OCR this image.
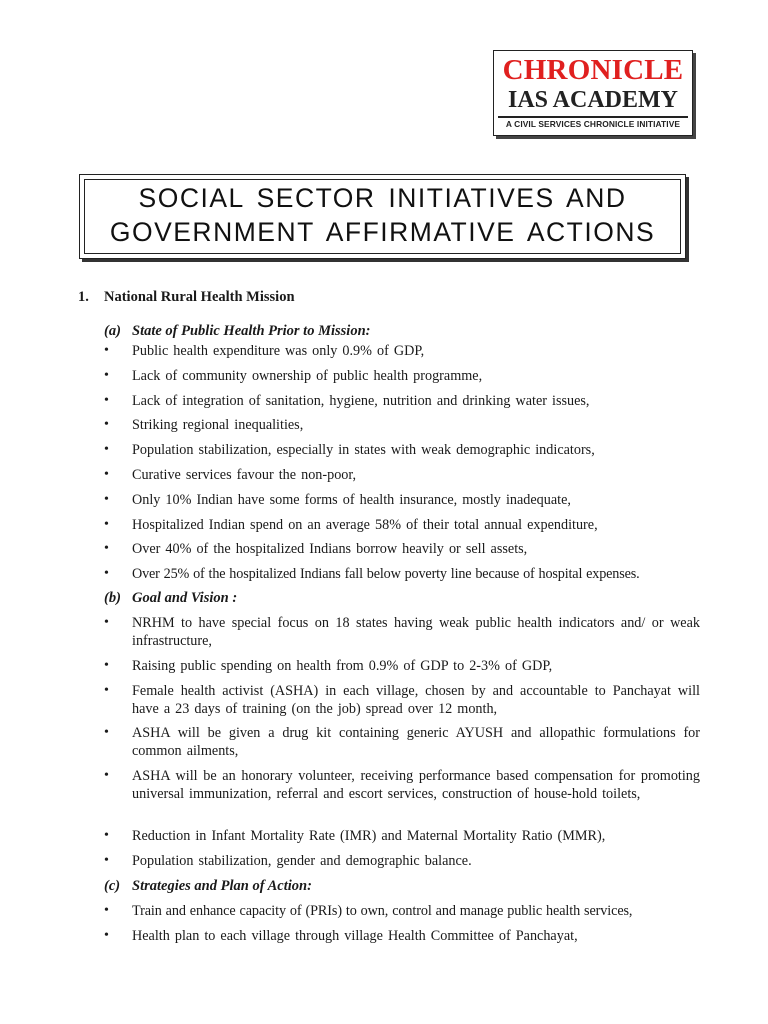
CHRONICLE
IAS ACADEMY
A CIVIL SERVICES CHRONICLE INITIATIVE
SOCIAL SECTOR INITIATIVES AND
GOVERNMENT AFFIRMATIVE ACTIONS
1. National Rural Health Mission
(a) State of Public Health Prior to Mission:
•	Public health expenditure was only 0.9% of GDP,
•	Lack of community ownership of public health programme,
•	Lack of integration of sanitation, hygiene, nutrition and drinking water issues,
•	Striking regional inequalities,
•	Population stabilization, especially in states with weak demographic indicators,
•	Curative services favour the non-poor,
•	Only 10% Indian have some forms of health insurance, mostly inadequate,
•	Hospitalized Indian spend on an average 58% of their total annual expenditure,
•	Over 40% of the hospitalized Indians borrow heavily or sell assets,
•	Over 25% of the hospitalized Indians fall below poverty line because of hospital expenses.
(b) Goal and Vision :
•	NRHM to have special focus on 18 states having weak public health indicators and/ or weak infrastructure,
•	Raising public spending on health from 0.9% of GDP to 2-3% of GDP,
•	Female health activist (ASHA) in each village, chosen by and accountable to Panchayat will have a 23 days of training (on the job) spread over 12 month,
•	ASHA will be given a drug kit containing generic AYUSH and allopathic formulations for common ailments,
•	ASHA will be an honorary volunteer, receiving performance based compensation for promoting universal immunization, referral and escort services, construction of house-hold toilets,
•	Reduction in Infant Mortality Rate (IMR) and Maternal Mortality Ratio (MMR),
•	Population stabilization, gender and demographic balance.
(c) Strategies and Plan of Action:
•	Train and enhance capacity of (PRIs) to own, control and manage public health services,
•	Health plan to each village through village Health Committee of Panchayat,
